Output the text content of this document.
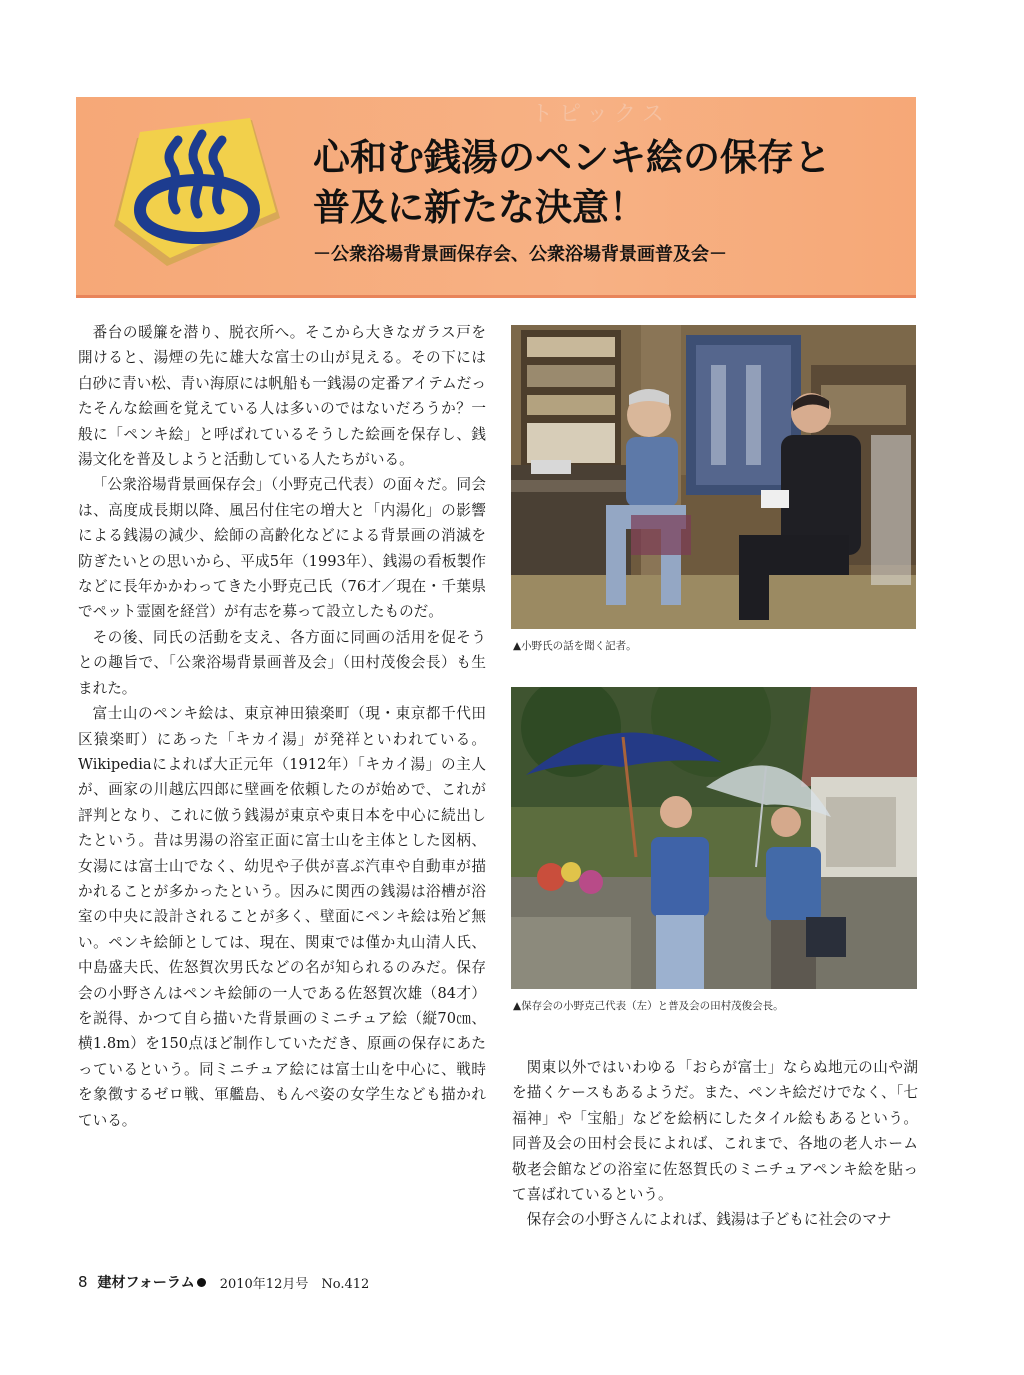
トピックス
心和む銭湯のペンキ絵の保存と
普及に新たな決意！
－公衆浴場背景画保存会、公衆浴場背景画普及会－

番台の暖簾を潜り、脱衣所へ。そこから大きなガラス戸を開けると、湯煙の先に雄大な富士の山が見える。その下には白砂に青い松、青い海原には帆船も一銭湯の定番アイテムだったそんな絵画を覚えている人は多いのではないだろうか？一般に「ペンキ絵」と呼ばれているそうした絵画を保存し、銭湯文化を普及しようと活動している人たちがいる。

「公衆浴場背景画保存会」（小野克己代表）の面々だ。同会は、高度成長期以降、風呂付住宅の増大と「内湯化」の影響による銭湯の減少、絵師の高齢化などによる背景画の消滅を防ぎたいとの思いから、平成5年（1993年）、銭湯の看板製作などに長年かかわってきた小野克己氏（76才／現在・千葉県でペット霊園を経営）が有志を募って設立したものだ。

その後、同氏の活動を支え、各方面に同画の活用を促そうとの趣旨で、「公衆浴場背景画普及会」（田村茂俊会長）も生まれた。

富士山のペンキ絵は、東京神田猿楽町（現・東京都千代田区猿楽町）にあった「キカイ湯」が発祥といわれている。Wikipediaによれば大正元年（1912年）「キカイ湯」の主人が、画家の川越広四郎に壁画を依頼したのが始めで、これが評判となり、これに倣う銭湯が東京や東日本を中心に続出したという。昔は男湯の浴室正面に富士山を主体とした図柄、女湯には富士山でなく、幼児や子供が喜ぶ汽車や自動車が描かれることが多かったという。因みに関西の銭湯は浴槽が浴室の中央に設計されることが多く、壁面にペンキ絵は殆ど無い。ペンキ絵師としては、現在、関東では僅か丸山清人氏、中島盛夫氏、佐怒賀次男氏などの名が知られるのみだ。保存会の小野さんはペンキ絵師の一人である佐怒賀次雄（84才）を説得、かつて自ら描いた背景画のミニチュア絵（縦70㎝、横1.8m）を150点ほど制作していただき、原画の保存にあたっているという。同ミニチュア絵には富士山を中心に、戦時を象徴するゼロ戦、軍艦島、もんぺ姿の女学生なども描かれている。

▲小野氏の話を聞く記者。
▲保存会の小野克己代表（左）と普及会の田村茂俊会長。

関東以外ではいわゆる「おらが富士」ならぬ地元の山や湖を描くケースもあるようだ。また、ペンキ絵だけでなく、「七福神」や「宝船」などを絵柄にしたタイル絵もあるという。同普及会の田村会長によれば、これまで、各地の老人ホーム敬老会館などの浴室に佐怒賀氏のミニチュアペンキ絵を貼って喜ばれているという。

保存会の小野さんによれば、銭湯は子どもに社会のマナ

8 建材フォーラム 2010年12月号　No.412
